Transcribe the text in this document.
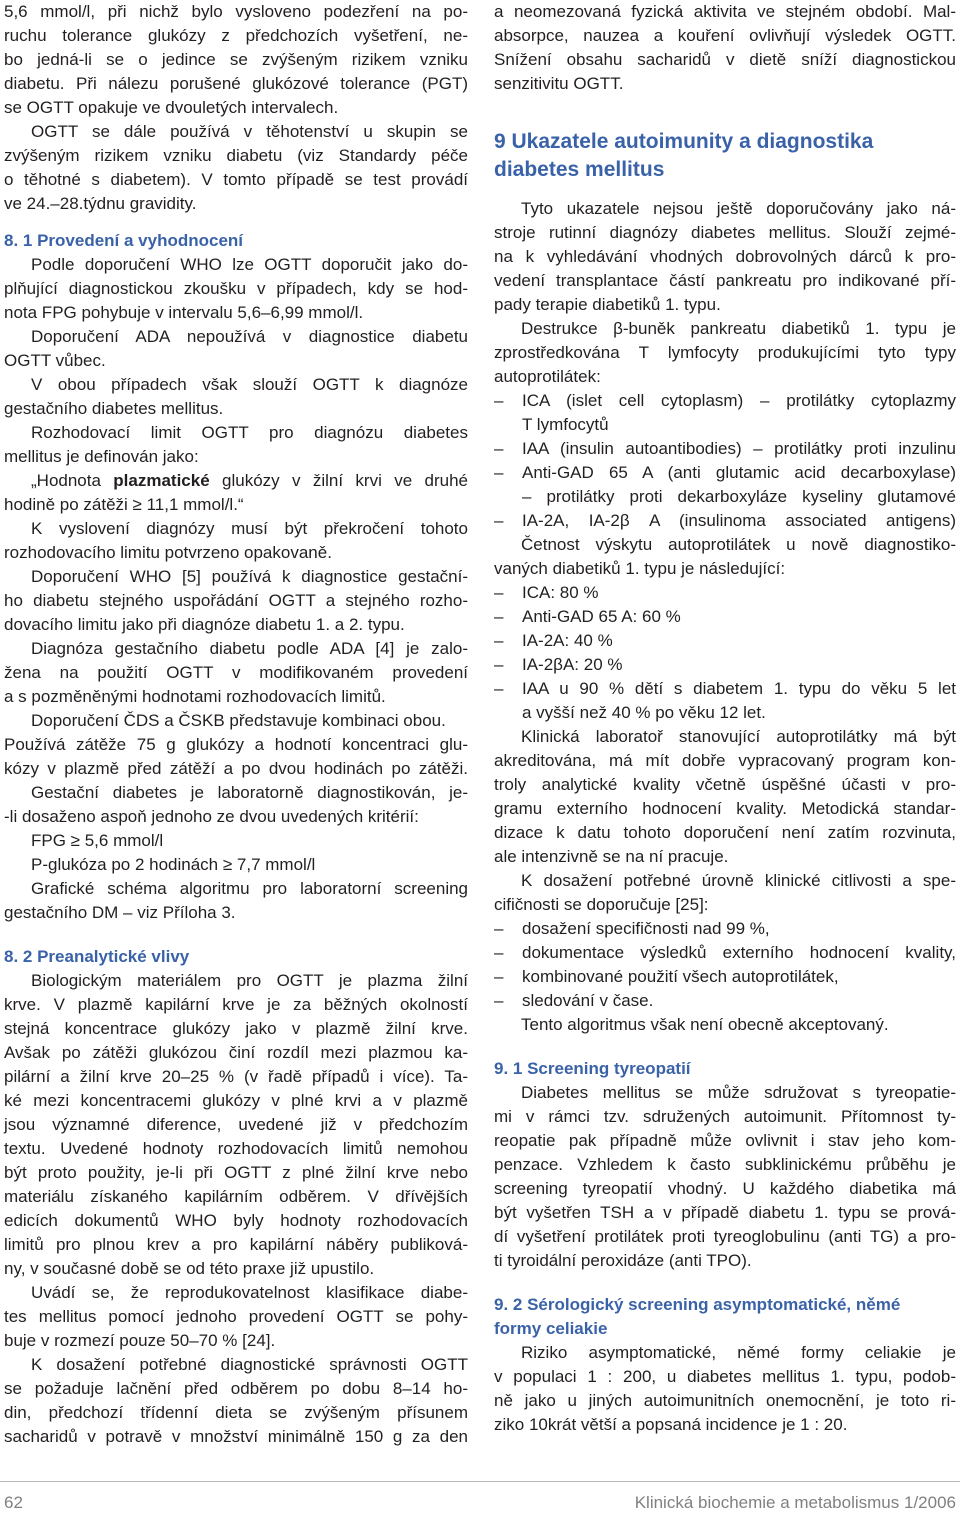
5,6 mmol/l, při nichž bylo vysloveno podezření na po-
ruchu tolerance glukózy z předchozích vyšetření, ne-
bo jedná-li se o jedince se zvýšeným rizikem vzniku
diabetu. Při nálezu porušené glukózové tolerance (PGT)
se OGTT opakuje ve dvouletých intervalech.
OGTT se dále používá v těhotenství u skupin se
zvýšeným rizikem vzniku diabetu (viz Standardy péče
o těhotné s diabetem). V tomto případě se test provádí
ve 24.–28.týdnu gravidity.
8. 1 Provedení a vyhodnocení
Podle doporučení WHO lze OGTT doporučit jako do-
plňující diagnostickou zkoušku v případech, kdy se hod-
nota FPG pohybuje v intervalu 5,6–6,99 mmol/l.
Doporučení ADA nepoužívá v diagnostice diabetu
OGTT vůbec.
V obou případech však slouží OGTT k diagnóze
gestačního diabetes mellitus.
Rozhodovací limit OGTT pro diagnózu diabetes
mellitus je definován jako:
„Hodnota plazmatické glukózy v žilní krvi ve druhé
hodině po zátěži ≥ 11,1 mmol/l.“
K vyslovení diagnózy musí být překročení tohoto
rozhodovacího limitu potvrzeno opakovaně.
Doporučení WHO [5] používá k diagnostice gestační-
ho diabetu stejného uspořádání OGTT a stejného rozho-
dovacího limitu jako při diagnóze diabetu 1. a 2. typu.
Diagnóza gestačního diabetu podle ADA [4] je zalo-
žena na použití OGTT v modifikovaném provedení
a s pozměněnými hodnotami rozhodovacích limitů.
Doporučení ČDS a ČSKB představuje kombinaci obou.
Používá zátěže 75 g glukózy a hodnotí koncentraci glu-
kózy v plazmě před zátěží a po dvou hodinách po zátěži.
Gestační diabetes je laboratorně diagnostikován, je-
-li dosaženo aspoň jednoho ze dvou uvedených kritérií:
FPG ≥ 5,6 mmol/l
P-glukóza po 2 hodinách ≥ 7,7 mmol/l
Grafické schéma algoritmu pro laboratorní screening
gestačního DM – viz Příloha 3.
8. 2 Preanalytické vlivy
Biologickým materiálem pro OGTT je plazma žilní
krve. V plazmě kapilární krve je za běžných okolností
stejná koncentrace glukózy jako v plazmě žilní krve.
Avšak po zátěži glukózou činí rozdíl mezi plazmou ka-
pilární a žilní krve 20–25 % (v řadě případů i více). Ta-
ké mezi koncentracemi glukózy v plné krvi a v plazmě
jsou významné diference, uvedené již v předchozím
textu. Uvedené hodnoty rozhodovacích limitů nemohou
být proto použity, je-li při OGTT z plné žilní krve nebo
materiálu získaného kapilárním odběrem. V dřívějších
edicích dokumentů WHO byly hodnoty rozhodovacích
limitů pro plnou krev a pro kapilární náběry publiková-
ny, v současné době se od této praxe již upustilo.
Uvádí se, že reprodukovatelnost klasifikace diabe-
tes mellitus pomocí jednoho provedení OGTT se pohy-
buje v rozmezí pouze 50–70 % [24].
K dosažení potřebné diagnostické správnosti OGTT
se požaduje lačnění před odběrem po dobu 8–14 ho-
din, předchozí třídenní dieta se zvýšeným přísunem
sacharidů v potravě v množství minimálně 150 g za den
a neomezovaná fyzická aktivita ve stejném období. Mal-
absorpce, nauzea a kouření ovlivňují výsledek OGTT.
Snížení obsahu sacharidů v dietě sníží diagnostickou
senzitivitu OGTT.
9 Ukazatele autoimunity a diagnostika
diabetes mellitus
Tyto ukazatele nejsou ještě doporučovány jako ná-
stroje rutinní diagnózy diabetes mellitus. Slouží zejmé-
na k vyhledávání vhodných dobrovolných dárců k pro-
vedení transplantace částí pankreatu pro indikované pří-
pady terapie diabetiků 1. typu.
Destrukce β-buněk pankreatu diabetiků 1. typu je
zprostředkována T lymfocyty produkujícími tyto typy
autoprotilátek:
– ICA (islet cell cytoplasm) – protilátky cytoplazmy
T lymfocytů
– IAA (insulin autoantibodies) – protilátky proti inzulinu
– Anti-GAD 65 A (anti glutamic acid decarboxylase)
– protilátky proti dekarboxyláze kyseliny glutamové
– IA-2A, IA-2β A (insulinoma associated antigens)
Četnost výskytu autoprotilátek u nově diagnostiko-
vaných diabetiků 1. typu je následující:
– ICA: 80 %
– Anti-GAD 65 A: 60 %
– IA-2A: 40 %
– IA-2βA: 20 %
– IAA u 90 % dětí s diabetem 1. typu do věku 5 let
a vyšší než 40 % po věku 12 let.
Klinická laboratoř stanovující autoprotilátky má být
akreditována, má mít dobře vypracovaný program kon-
troly analytické kvality včetně úspěšné účasti v pro-
gramu externího hodnocení kvality. Metodická standar-
dizace k datu tohoto doporučení není zatím rozvinuta,
ale intenzivně se na ní pracuje.
K dosažení potřebné úrovně klinické citlivosti a spe-
cifičnosti se doporučuje [25]:
– dosažení specifičnosti nad 99 %,
– dokumentace výsledků externího hodnocení kvality,
– kombinované použití všech autoprotilátek,
– sledování v čase.
Tento algoritmus však není obecně akceptovaný.
9. 1 Screening tyreopatií
Diabetes mellitus se může sdružovat s tyreopatie-
mi v rámci tzv. sdružených autoimunit. Přítomnost ty-
reopatie pak případně může ovlivnit i stav jeho kom-
penzace. Vzhledem k často subklinickému průběhu je
screening tyreopatií vhodný. U každého diabetika má
být vyšetřen TSH a v případě diabetu 1. typu se prová-
dí vyšetření protilátek proti tyreoglobulinu (anti TG) a pro-
ti tyroidální peroxidáze (anti TPO).
9. 2 Sérologický screening asymptomatické, němé
formy celiakie
Riziko asymptomatické, němé formy celiakie je
v populaci 1 : 200, u diabetes mellitus 1. typu, podob-
ně jako u jiných autoimunitních onemocnění, je toto ri-
ziko 10krát větší a popsaná incidence je 1 : 20.
62	Klinická biochemie a metabolismus 1/2006
